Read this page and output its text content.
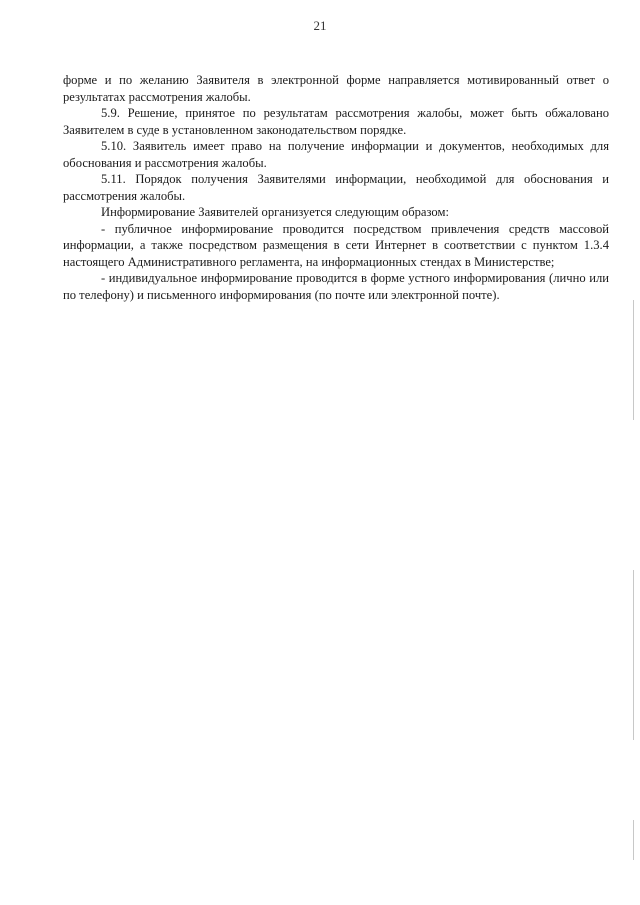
21

форме и по желанию Заявителя в электронной форме направляется мотивированный ответ о результатах рассмотрения жалобы.

5.9. Решение, принятое по результатам рассмотрения жалобы, может быть обжаловано Заявителем в суде в установленном законодательством порядке.

5.10. Заявитель имеет право на получение информации и документов, необходимых для обоснования и рассмотрения жалобы.

5.11. Порядок получения Заявителями информации, необходимой для обоснования и рассмотрения жалобы.

Информирование Заявителей организуется следующим образом:

- публичное информирование проводится посредством привлечения средств массовой информации, а также посредством размещения в сети Интернет в соответствии с пунктом 1.3.4 настоящего Административного регламента, на информационных стендах в Министерстве;

- индивидуальное информирование проводится в форме устного информирования (лично или по телефону) и письменного информирования (по почте или электронной почте).
